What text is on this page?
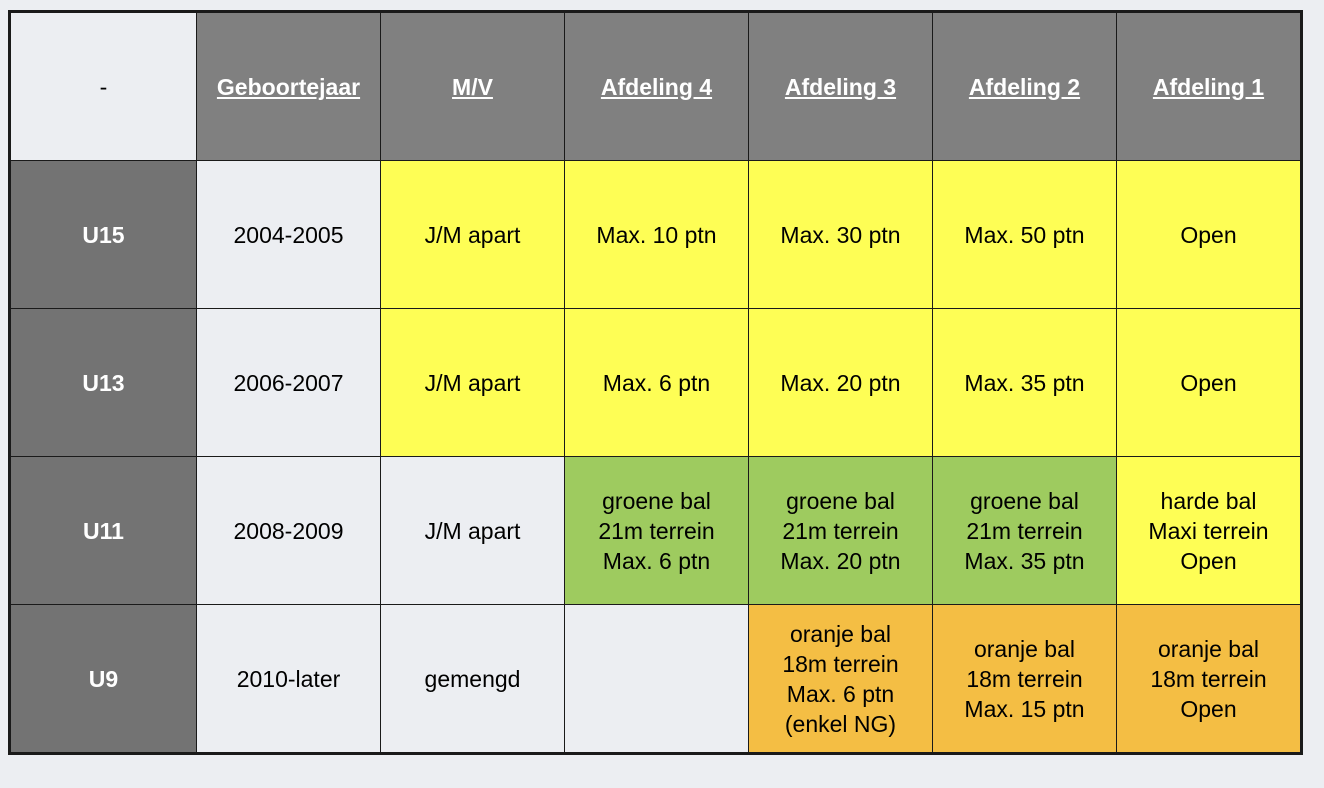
-	Geboortejaar	M/V	Afdeling 4	Afdeling 3	Afdeling 2	Afdeling 1
U15	2004-2005	J/M apart	Max. 10 ptn	Max. 30 ptn	Max. 50 ptn	Open

U13	2006-2007	J/M apart	Max. 6 ptn	Max. 20 ptn	Max. 35 ptn	Open

U11	2008-2009	J/M apart	groene bal
21m terrein
Max. 6 ptn	groene bal
21m terrein
Max. 20 ptn	groene bal
21m terrein
Max. 35 ptn	harde bal
Maxi terrein
Open

U9	2010-later	gemengd		oranje bal
18m terrein
Max. 6 ptn
(enkel NG)	oranje bal
18m terrein
Max. 15 ptn	oranje bal
18m terrein
Open
